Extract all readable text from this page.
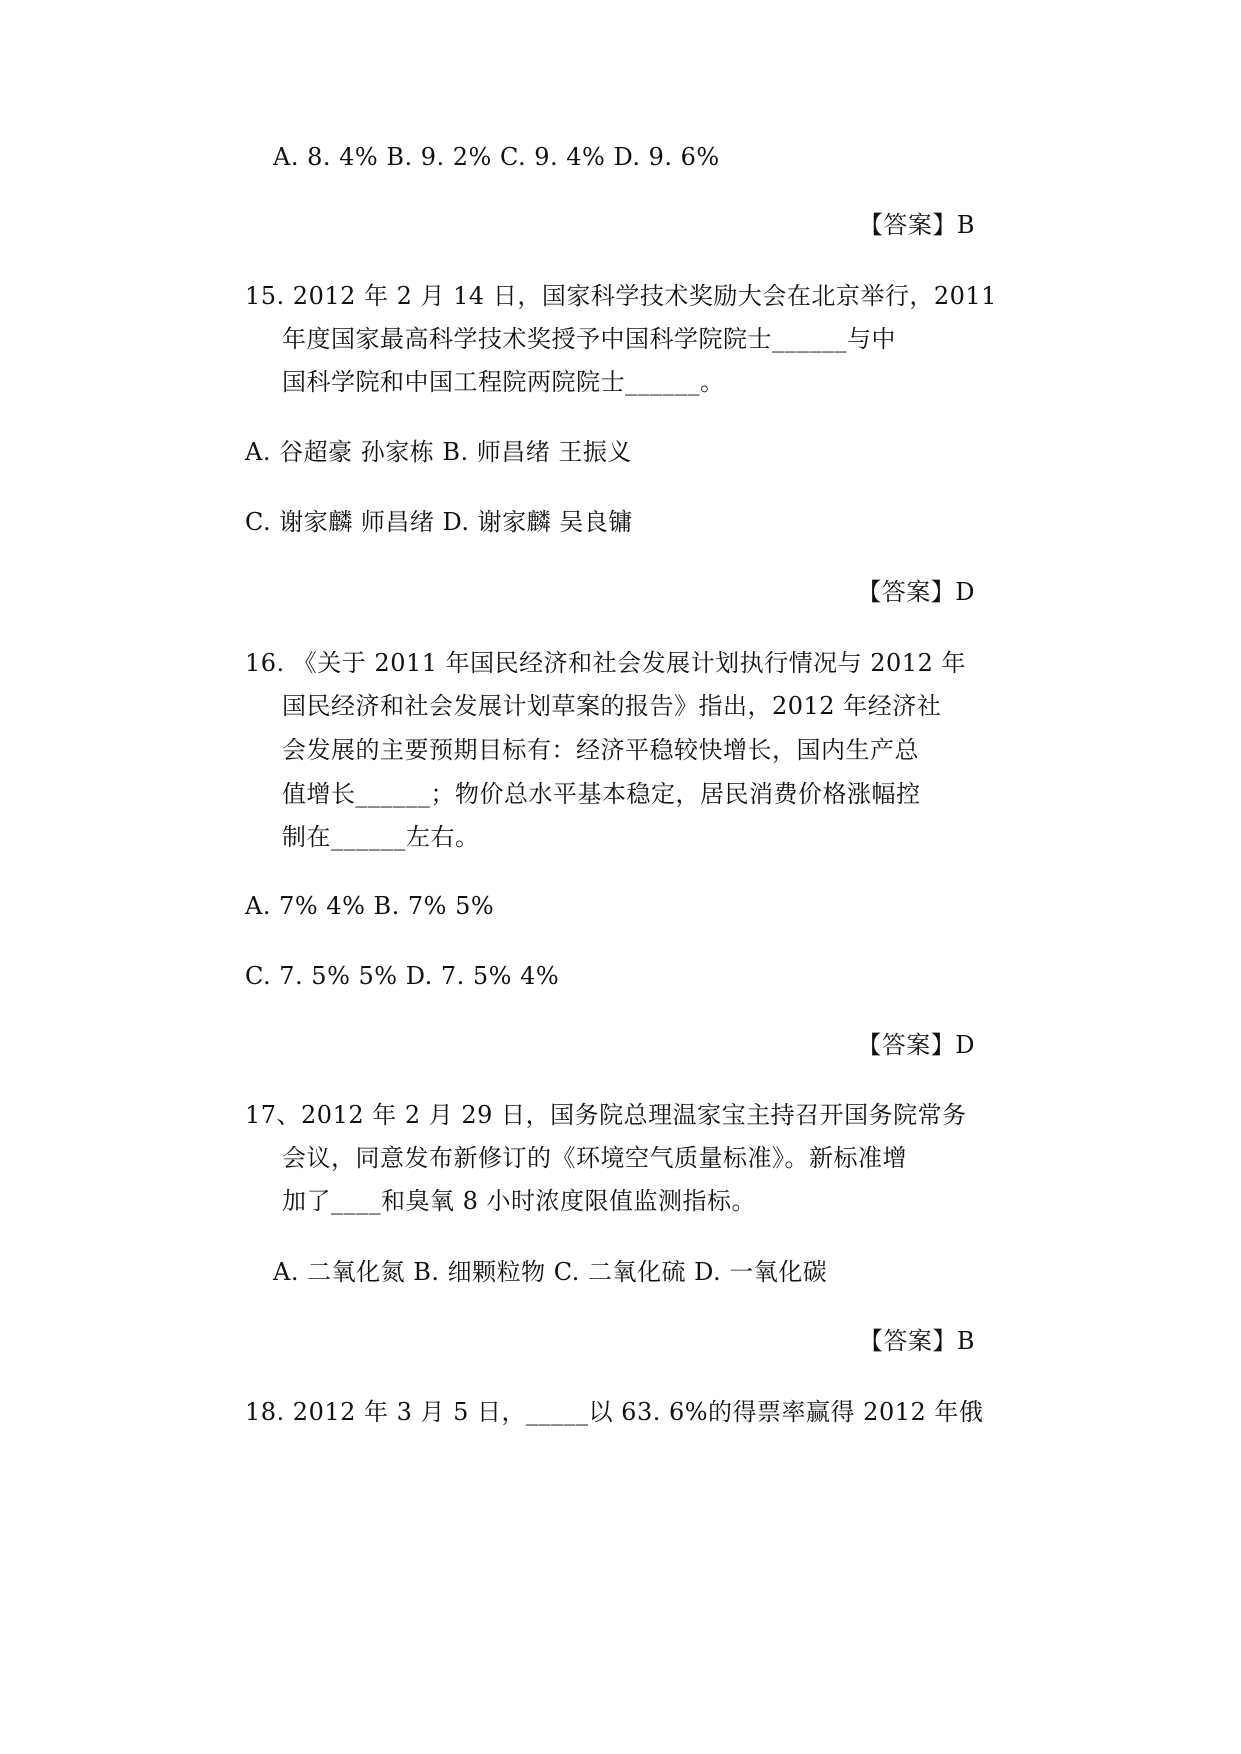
A. 8. 4% B. 9. 2% C. 9. 4% D. 9. 6%
【答案】B
15. 2012 年 2 月 14 日，国家科学技术奖励大会在北京举行，2011
年度国家最高科学技术奖授予中国科学院院士______与中
国科学院和中国工程院两院院士______。
A. 谷超豪 孙家栋 B. 师昌绪 王振义
C. 谢家麟 师昌绪 D. 谢家麟 吴良镛
【答案】D
16. 《关于 2011 年国民经济和社会发展计划执行情况与 2012 年
国民经济和社会发展计划草案的报告》指出，2012 年经济社
会发展的主要预期目标有：经济平稳较快增长，国内生产总
值增长______；物价总水平基本稳定，居民消费价格涨幅控
制在______左右。
A. 7% 4% B. 7% 5%
C. 7. 5% 5% D. 7. 5% 4%
【答案】D
17、2012 年 2 月 29 日，国务院总理温家宝主持召开国务院常务
会议，同意发布新修订的《环境空气质量标准》。新标准增
加了____和臭氧 8 小时浓度限值监测指标。
A. 二氧化氮 B. 细颗粒物 C. 二氧化硫 D. 一氧化碳
【答案】B
18. 2012 年 3 月 5 日，_____以 63. 6%的得票率赢得 2012 年俄
